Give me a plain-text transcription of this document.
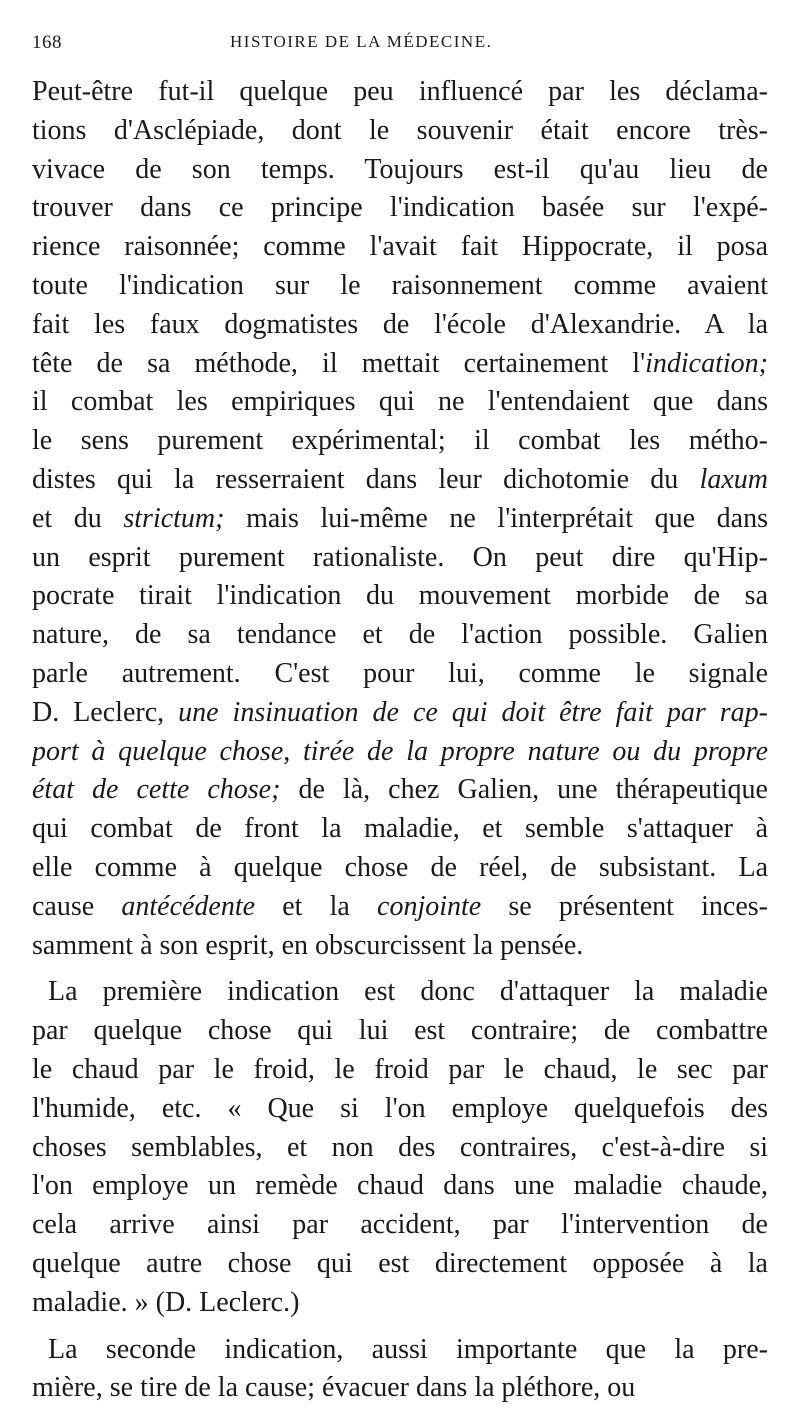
168	HISTOIRE DE LA MÉDECINE.
Peut-être fut-il quelque peu influencé par les déclama-
tions d'Asclépiade, dont le souvenir était encore très-
vivace de son temps. Toujours est-il qu'au lieu de
trouver dans ce principe l'indication basée sur l'expé-
rience raisonnée; comme l'avait fait Hippocrate, il posa
toute l'indication sur le raisonnement comme avaient
fait les faux dogmatistes de l'école d'Alexandrie. A la
tête de sa méthode, il mettait certainement l'indication;
il combat les empiriques qui ne l'entendaient que dans
le sens purement expérimental; il combat les métho-
distes qui la resserraient dans leur dichotomie du laxum
et du strictum; mais lui-même ne l'interprétait que dans
un esprit purement rationaliste. On peut dire qu'Hip-
pocrate tirait l'indication du mouvement morbide de sa
nature, de sa tendance et de l'action possible. Galien
parle autrement. C'est pour lui, comme le signale
D. Leclerc, une insinuation de ce qui doit être fait par rap-
port à quelque chose, tirée de la propre nature ou du propre
état de cette chose; de là, chez Galien, une thérapeutique
qui combat de front la maladie, et semble s'attaquer à
elle comme à quelque chose de réel, de subsistant. La
cause antécédente et la conjointe se présentent inces-
samment à son esprit, en obscurcissent la pensée.
La première indication est donc d'attaquer la maladie
par quelque chose qui lui est contraire; de combattre
le chaud par le froid, le froid par le chaud, le sec par
l'humide, etc. « Que si l'on employe quelquefois des
choses semblables, et non des contraires, c'est-à-dire si
l'on employe un remède chaud dans une maladie chaude,
cela arrive ainsi par accident, par l'intervention de
quelque autre chose qui est directement opposée à la
maladie. » (D. Leclerc.)
La seconde indication, aussi importante que la pre-
mière, se tire de la cause; évacuer dans la pléthore, ou
